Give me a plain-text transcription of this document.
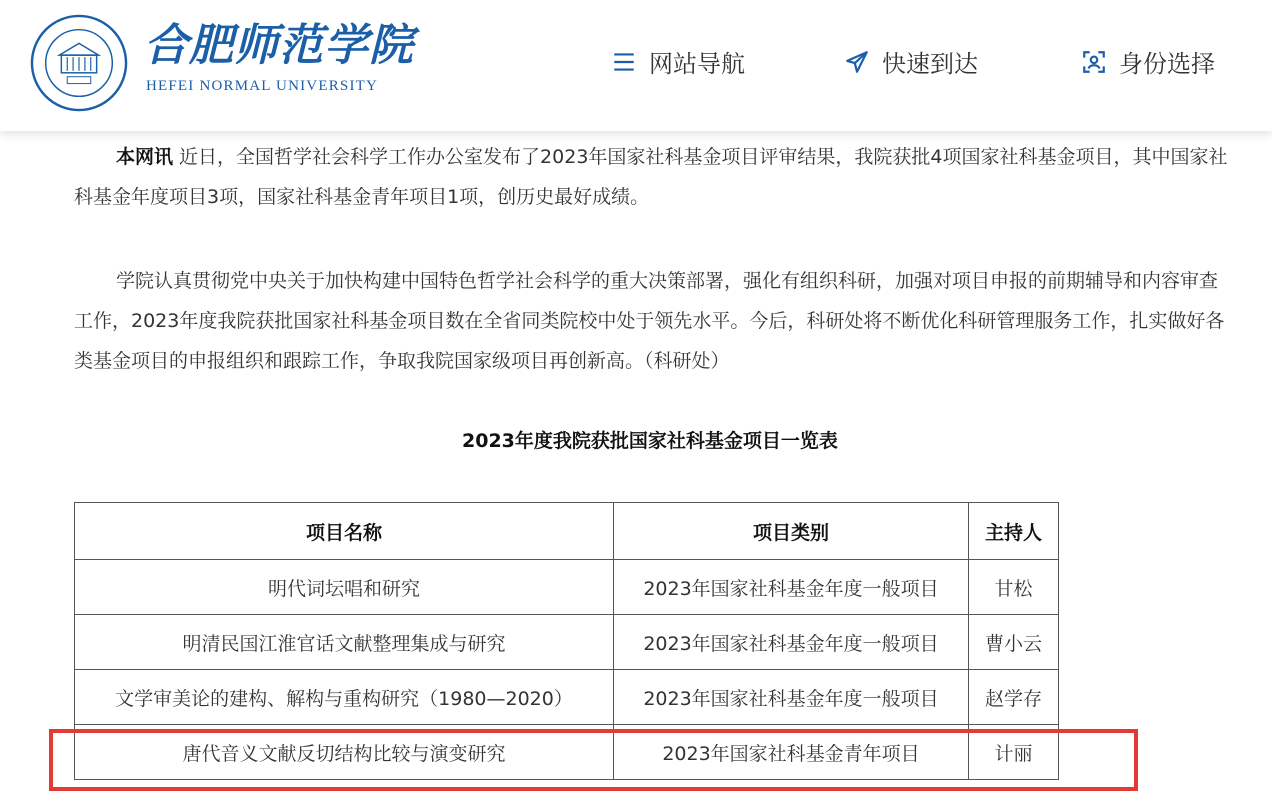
合肥师范学院
HEFEI NORMAL UNIVERSITY
网站导航	快速到达	身份选择
本网讯 近日，全国哲学社会科学工作办公室发布了2023年国家社科基金项目评审结果，我院获批4项国家社科基金项目，其中国家社科基金年度项目3项，国家社科基金青年项目1项，创历史最好成绩。
学院认真贯彻党中央关于加快构建中国特色哲学社会科学的重大决策部署，强化有组织科研，加强对项目申报的前期辅导和内容审查工作，2023年度我院获批国家社科基金项目数在全省同类院校中处于领先水平。今后，科研处将不断优化科研管理服务工作，扎实做好各类基金项目的申报组织和跟踪工作，争取我院国家级项目再创新高。（科研处）
2023年度我院获批国家社科基金项目一览表
项目名称	项目类别	主持人
明代词坛唱和研究	2023年国家社科基金年度一般项目	甘松
明清民国江淮官话文献整理集成与研究	2023年国家社科基金年度一般项目	曹小云
文学审美论的建构、解构与重构研究（1980—2020）	2023年国家社科基金年度一般项目	赵学存
唐代音义文献反切结构比较与演变研究	2023年国家社科基金青年项目	计丽
